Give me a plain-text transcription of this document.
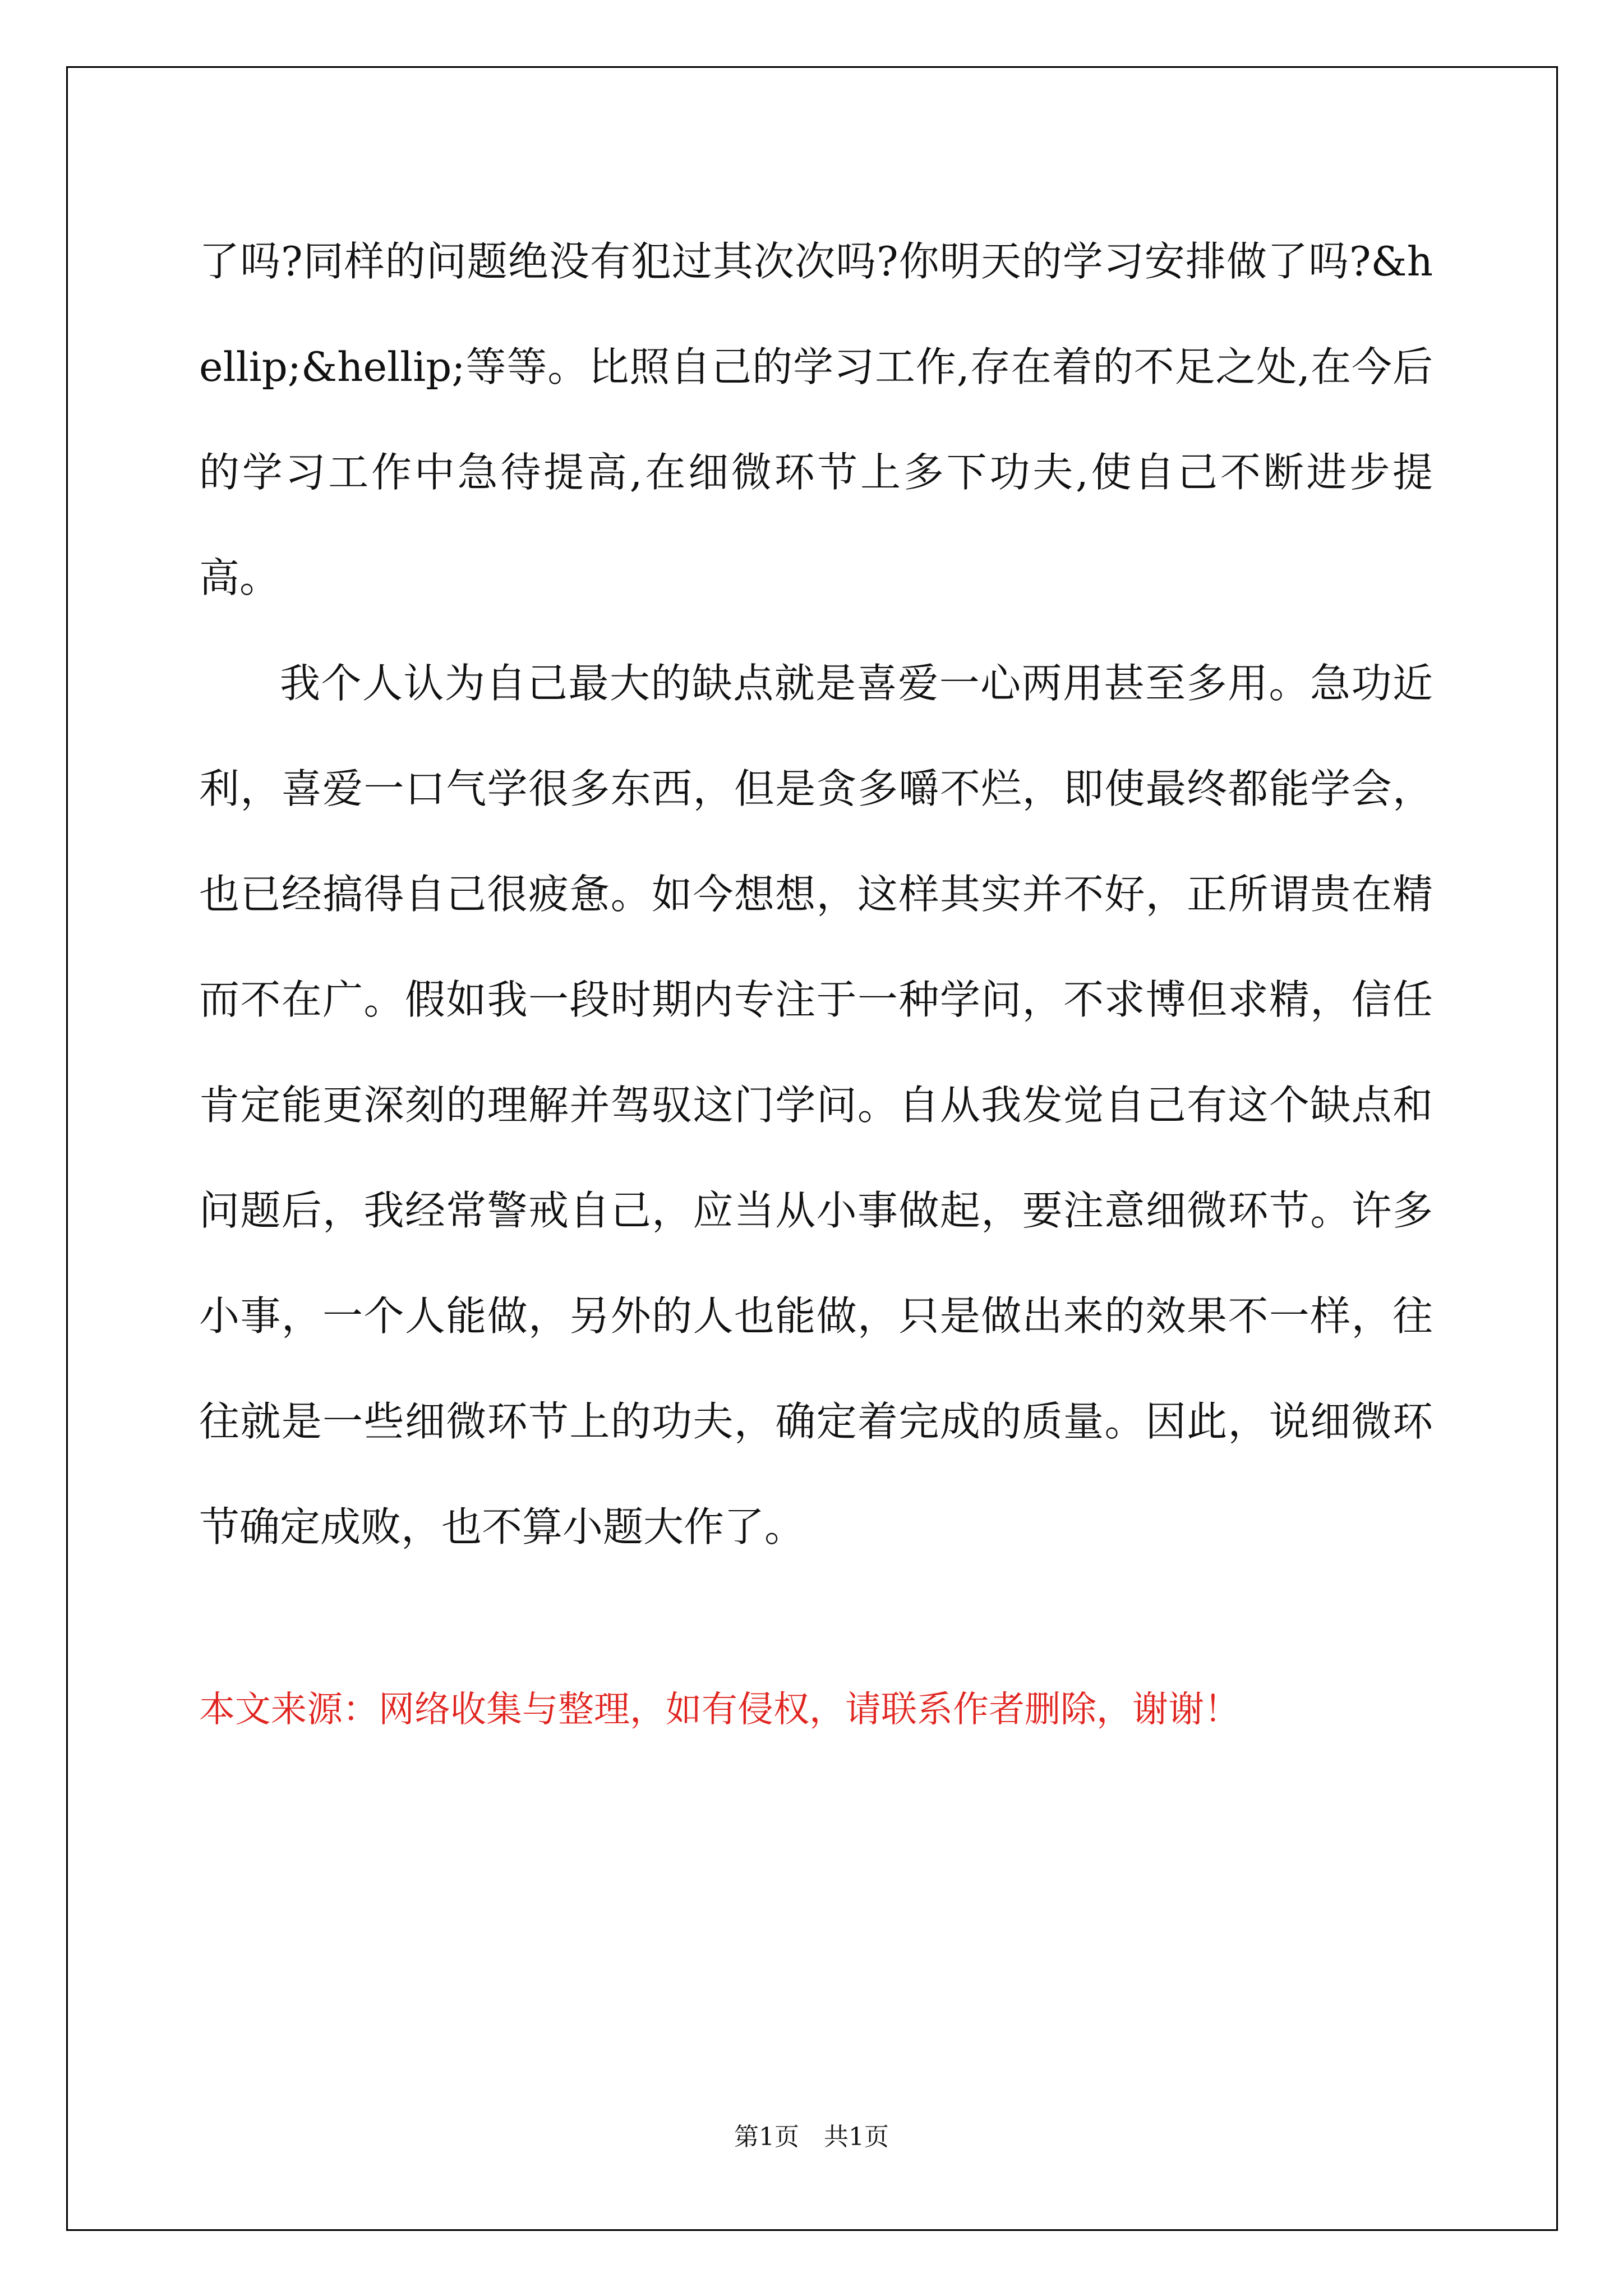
了吗?同样的问题绝没有犯过其次次吗?你明天的学习安排做了吗?&hellip;&hellip;等等。比照自己的学习工作,存在着的不足之处,在今后的学习工作中急待提高,在细微环节上多下功夫,使自己不断进步提高。

我个人认为自己最大的缺点就是喜爱一心两用甚至多用。急功近利，喜爱一口气学很多东西，但是贪多嚼不烂，即使最终都能学会，也已经搞得自己很疲惫。如今想想，这样其实并不好，正所谓贵在精而不在广。假如我一段时期内专注于一种学问，不求博但求精，信任肯定能更深刻的理解并驾驭这门学问。自从我发觉自己有这个缺点和问题后，我经常警戒自己，应当从小事做起，要注意细微环节。许多小事，一个人能做，另外的人也能做，只是做出来的效果不一样，往往就是一些细微环节上的功夫，确定着完成的质量。因此，说细微环节确定成败，也不算小题大作了。

本文来源：网络收集与整理，如有侵权，请联系作者删除，谢谢！
第1页　共1页
